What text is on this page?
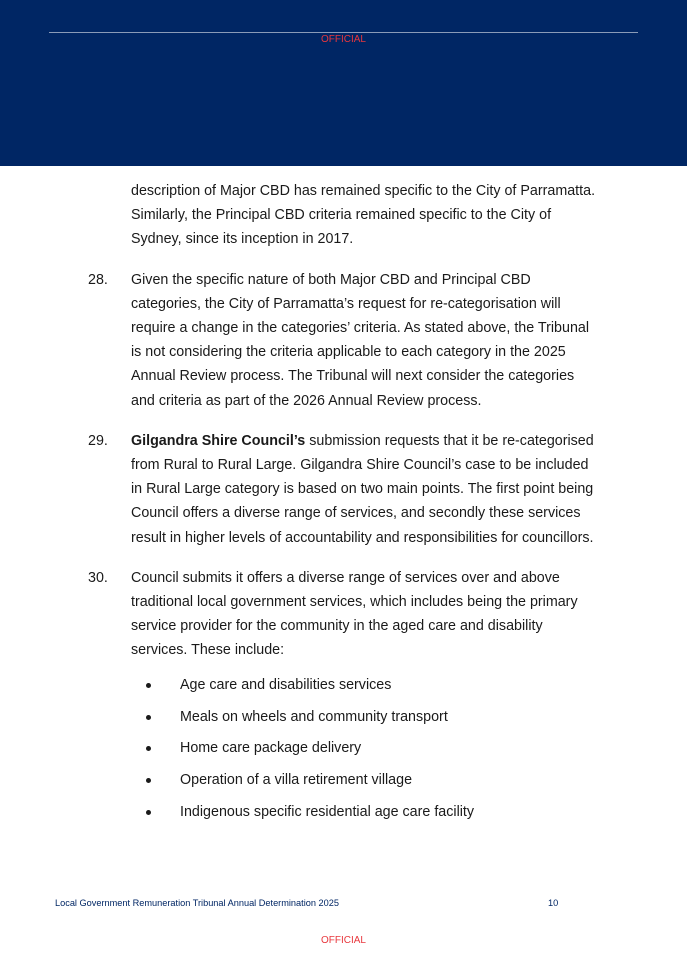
OFFICIAL

description of Major CBD has remained specific to the City of Parramatta. Similarly, the Principal CBD criteria remained specific to the City of Sydney, since its inception in 2017.

28. Given the specific nature of both Major CBD and Principal CBD categories, the City of Parramatta’s request for re-categorisation will require a change in the categories’ criteria. As stated above, the Tribunal is not considering the criteria applicable to each category in the 2025 Annual Review process. The Tribunal will next consider the categories and criteria as part of the 2026 Annual Review process.
29. Gilgandra Shire Council’s submission requests that it be re-categorised from Rural to Rural Large. Gilgandra Shire Council’s case to be included in Rural Large category is based on two main points. The first point being Council offers a diverse range of services, and secondly these services result in higher levels of accountability and responsibilities for councillors.
30. Council submits it offers a diverse range of services over and above traditional local government services, which includes being the primary service provider for the community in the aged care and disability services. These include:
Age care and disabilities services
Meals on wheels and community transport
Home care package delivery
Operation of a villa retirement village
Indigenous specific residential age care facility
Local Government Remuneration Tribunal Annual Determination 2025	10
OFFICIAL
